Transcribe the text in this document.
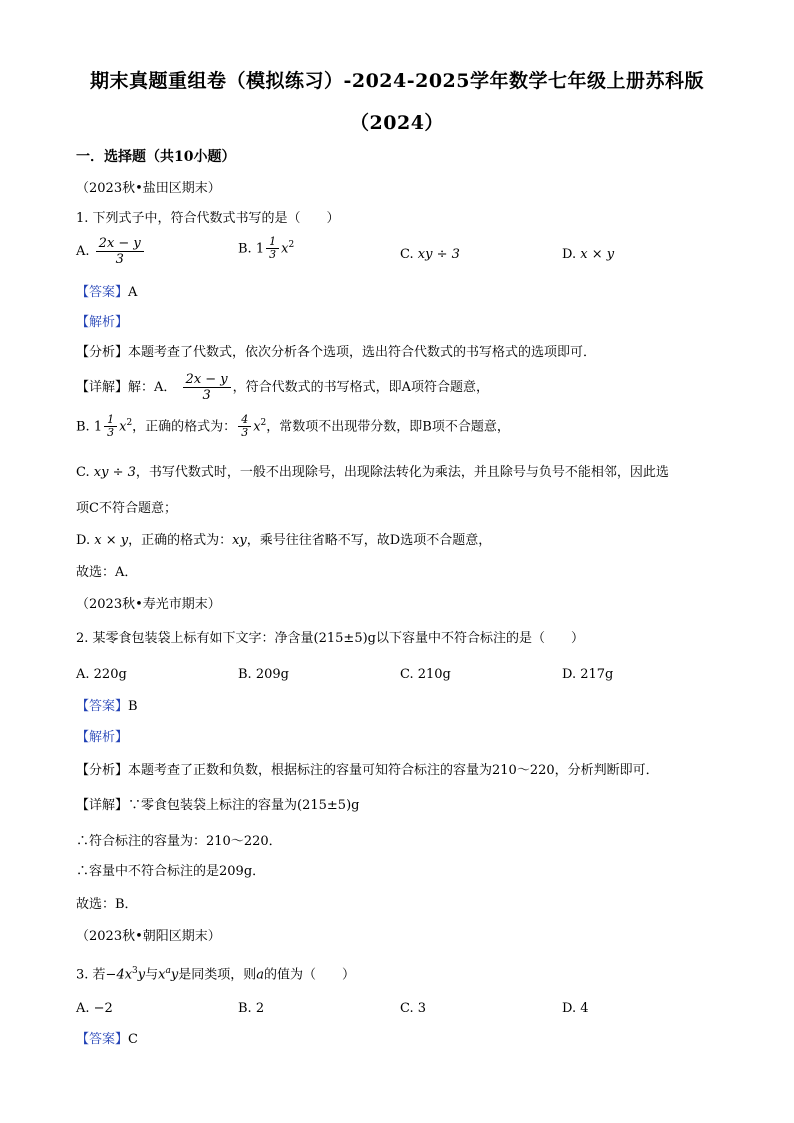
期末真题重组卷（模拟练习）-2024-2025学年数学七年级上册苏科版
（2024）
一．选择题（共10小题）
（2023秋•盐田区期末）
1. 下列式子中，符合代数式书写的是（　　）
A. $\frac{2x - y}{3}$	B. $1 \frac{1}{3} x^2$
C. xy ÷ 3	D. x × y
【答案】A
【解析】
【分析】本题考查了代数式，依次分析各个选项，选出符合代数式的书写格式的选项即可．
【详解】解：A． $\frac{2x - y}{3}$ ，符合代数式的书写格式，即A项符合题意，
B. $1 \frac{1}{3} x^2$，正确的格式为： $\frac{4}{3} x^2$，常数项不出现带分数，即B项不合题意，
C. xy ÷ 3，书写代数式时，一般不出现除号，出现除法转化为乘法，并且除号与负号不能相邻，因此选
项C不符合题意；
D. x × y，正确的格式为：xy，乘号往往省略不写，故D选项不合题意，
故选：A．
（2023秋•寿光市期末）
2. 某零食包装袋上标有如下文字：净含量(215±5)g以下容量中不符合标注的是（　　）
A. 220g	B. 209g	C. 210g	D. 217g
【答案】B
【解析】
【分析】本题考查了正数和负数，根据标注的容量可知符合标注的容量为210～220，分析判断即可．
【详解】∵零食包装袋上标注的容量为(215±5)g
∴符合标注的容量为：210～220．
∴容量中不符合标注的是209g．
故选：B．
（2023秋•朝阳区期末）
3. 若$-4x^3y$与$x^ay$是同类项，则a的值为（　　）
A. −2	B. 2	C. 3	D. 4
【答案】C
